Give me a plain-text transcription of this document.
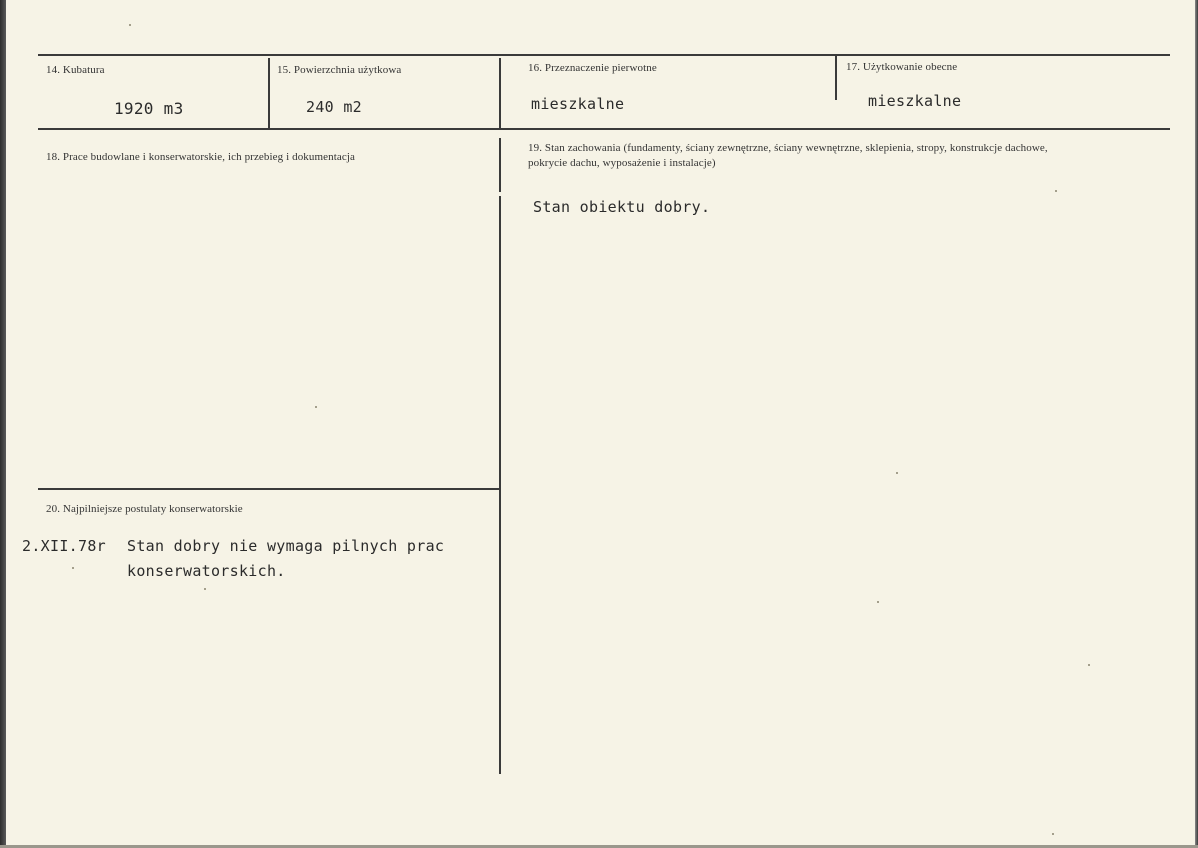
14. Kubatura
1920 m3
15. Powierzchnia użytkowa
240 m2
16. Przeznaczenie pierwotne
mieszkalne
17. Użytkowanie obecne
mieszkalne
18. Prace budowlane i konserwatorskie, ich przebieg i dokumentacja
19. Stan zachowania (fundamenty, ściany zewnętrzne, ściany wewnętrzne, sklepienia, stropy, konstrukcje dachowe, pokrycie dachu, wyposażenie i instalacje)
Stan obiektu dobry.
20. Najpilniejsze postulaty konserwatorskie
2.XII.78r Stan dobry nie wymaga pilnych prac
konserwatorskich.
